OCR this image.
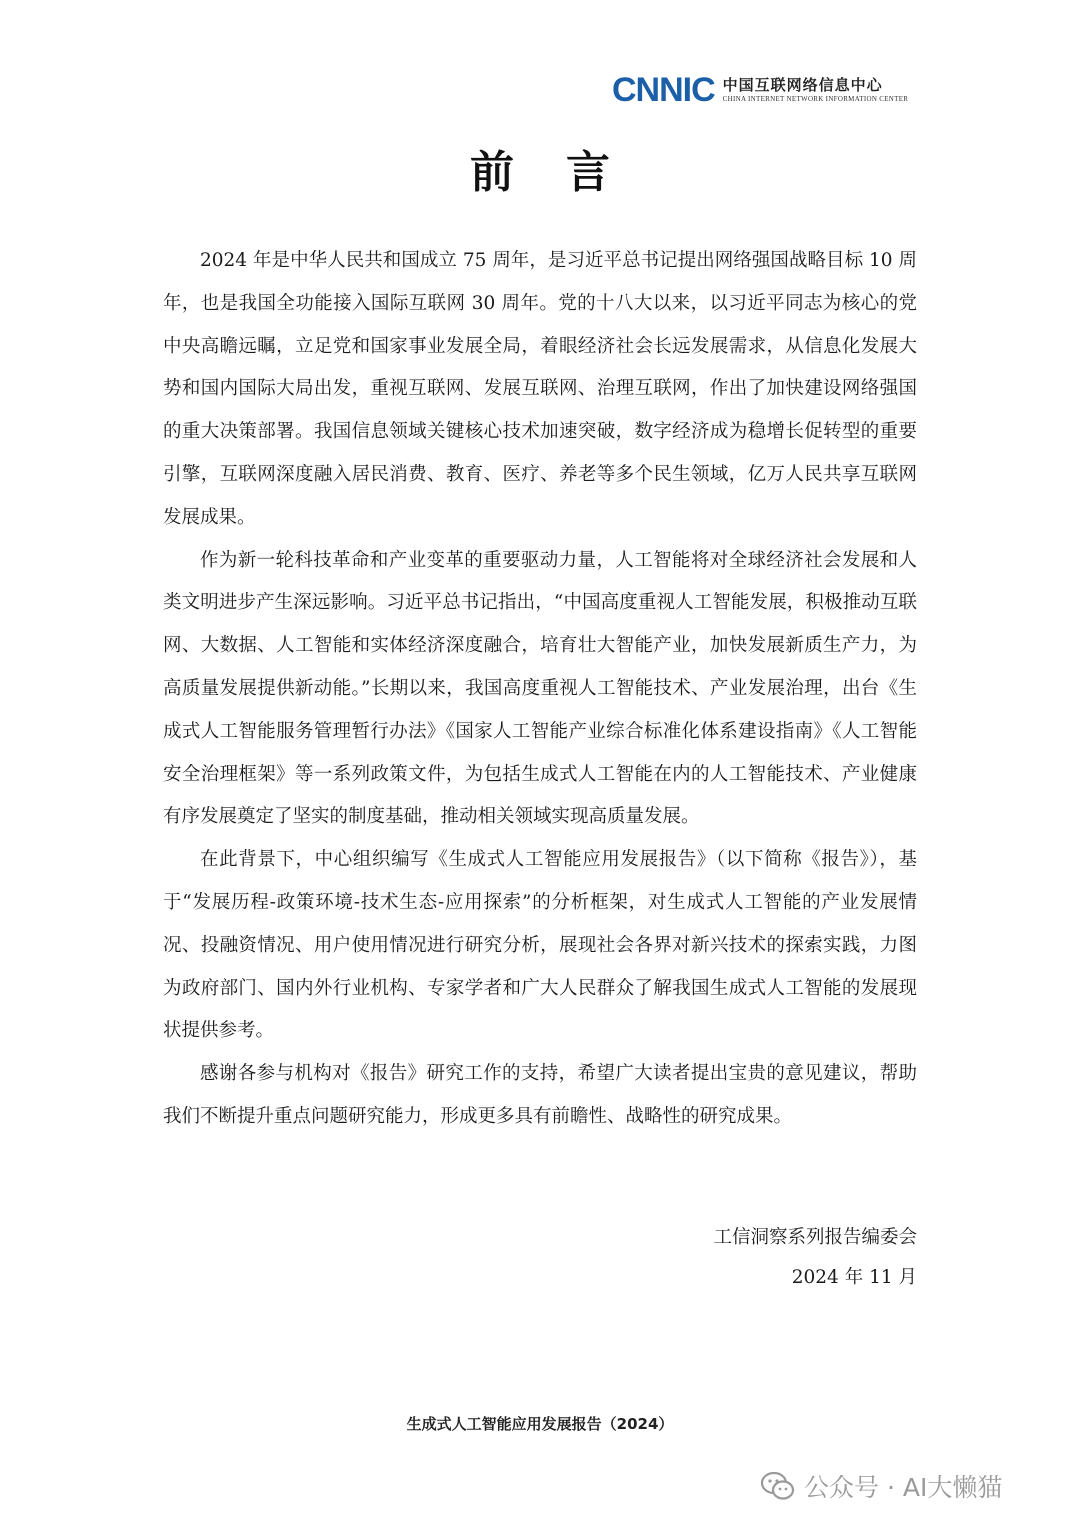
CNNIC 中国互联网络信息中心
CHINA INTERNET NETWORK INFORMATION CENTER
前言

2024 年是中华人民共和国成立 75 周年，是习近平总书记提出网络强国战略目标 10 周年，也是我国全功能接入国际互联网 30 周年。党的十八大以来，以习近平同志为核心的党中央高瞻远瞩，立足党和国家事业发展全局，着眼经济社会长远发展需求，从信息化发展大势和国内国际大局出发，重视互联网、发展互联网、治理互联网，作出了加快建设网络强国的重大决策部署。我国信息领域关键核心技术加速突破，数字经济成为稳增长促转型的重要引擎，互联网深度融入居民消费、教育、医疗、养老等多个民生领域，亿万人民共享互联网发展成果。

作为新一轮科技革命和产业变革的重要驱动力量，人工智能将对全球经济社会发展和人类文明进步产生深远影响。习近平总书记指出，“中国高度重视人工智能发展，积极推动互联网、大数据、人工智能和实体经济深度融合，培育壮大智能产业，加快发展新质生产力，为高质量发展提供新动能。”长期以来，我国高度重视人工智能技术、产业发展治理，出台《生成式人工智能服务管理暂行办法》《国家人工智能产业综合标准化体系建设指南》《人工智能安全治理框架》等一系列政策文件，为包括生成式人工智能在内的人工智能技术、产业健康有序发展奠定了坚实的制度基础，推动相关领域实现高质量发展。

在此背景下，中心组织编写《生成式人工智能应用发展报告》（以下简称《报告》），基于“发展历程-政策环境-技术生态-应用探索”的分析框架，对生成式人工智能的产业发展情况、投融资情况、用户使用情况进行研究分析，展现社会各界对新兴技术的探索实践，力图为政府部门、国内外行业机构、专家学者和广大人民群众了解我国生成式人工智能的发展现状提供参考。

感谢各参与机构对《报告》研究工作的支持，希望广大读者提出宝贵的意见建议，帮助我们不断提升重点问题研究能力，形成更多具有前瞻性、战略性的研究成果。

工信洞察系列报告编委会
2024 年 11 月
生成式人工智能应用发展报告（2024）
公众号 · AI大懒猫
